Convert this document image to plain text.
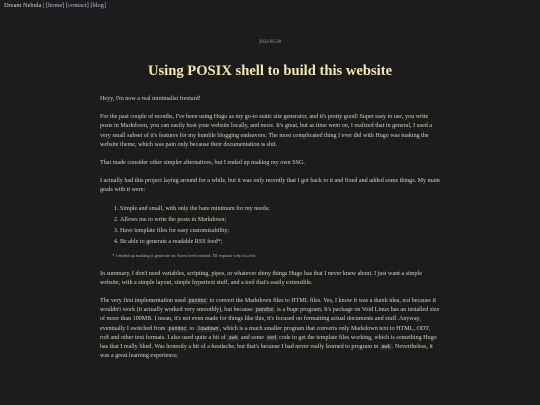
Dream Nebula | [home] [contact] [blog]
2023-05-28
Using POSIX shell to build this website

Heyy, I'm now a real minimalist freetard!

For the past couple of months, I've been using Hugo as my go-to static site generator, and it's pretty good! Super easy to use, you write posts in Markdown, you can easily host your website locally, and more. It's great, but as time went on, I realized that in general, I used a very small subset of it's features for my humble blogging endeavors; The most complicated thing I ever did with Hugo was making the website theme, which was pain only because their documentation is shit.

That made consider other simpler alternatives, but I ended up making my own SSG.

I actually had this project laying around for a while, but it was only recently that I got back to it and fixed and added some things. My main goals with it were:

1. Simple and small, with only the bare minimum for my needs;
2. Allows me to write the posts in Markdown;
3. Have template files for easy customizability;
4. Be able to generate a readable RSS feed*;

* I ended up making it generate an Atom feed instead. I'll explain why in a bit.

In summary, I don't need variables, scripting, pipes, or whatever shiny things Hugo has that I never knew about. I just want a simple website, with a simple layout, simple hypertext stuff, and a tool that's easily extensible.

The very first implementation used pandoc to convert the Markdown files to HTML files. Yes, I know it was a dumb idea, not because it wouldn't work (it actually worked very smoothly), but because pandoc is a huge program; It's package on Void Linux has an installed size of more than 100MB. I mean, it's not even made for things like this, it's focused on formatting actual documents and stuff. Anyway, eventually I switched from pandoc to lowdown , which is a much smaller program that converts only Markdown text to HTML, ODT, roff and other text formats. I also used quite a bit of awk and some sed code to get the template files working, which is something Hugo has that I really liked. Was honestly a bit of a headache, but that's because I had never really learned to program in awk . Nevertheless, it was a great learning experience.
